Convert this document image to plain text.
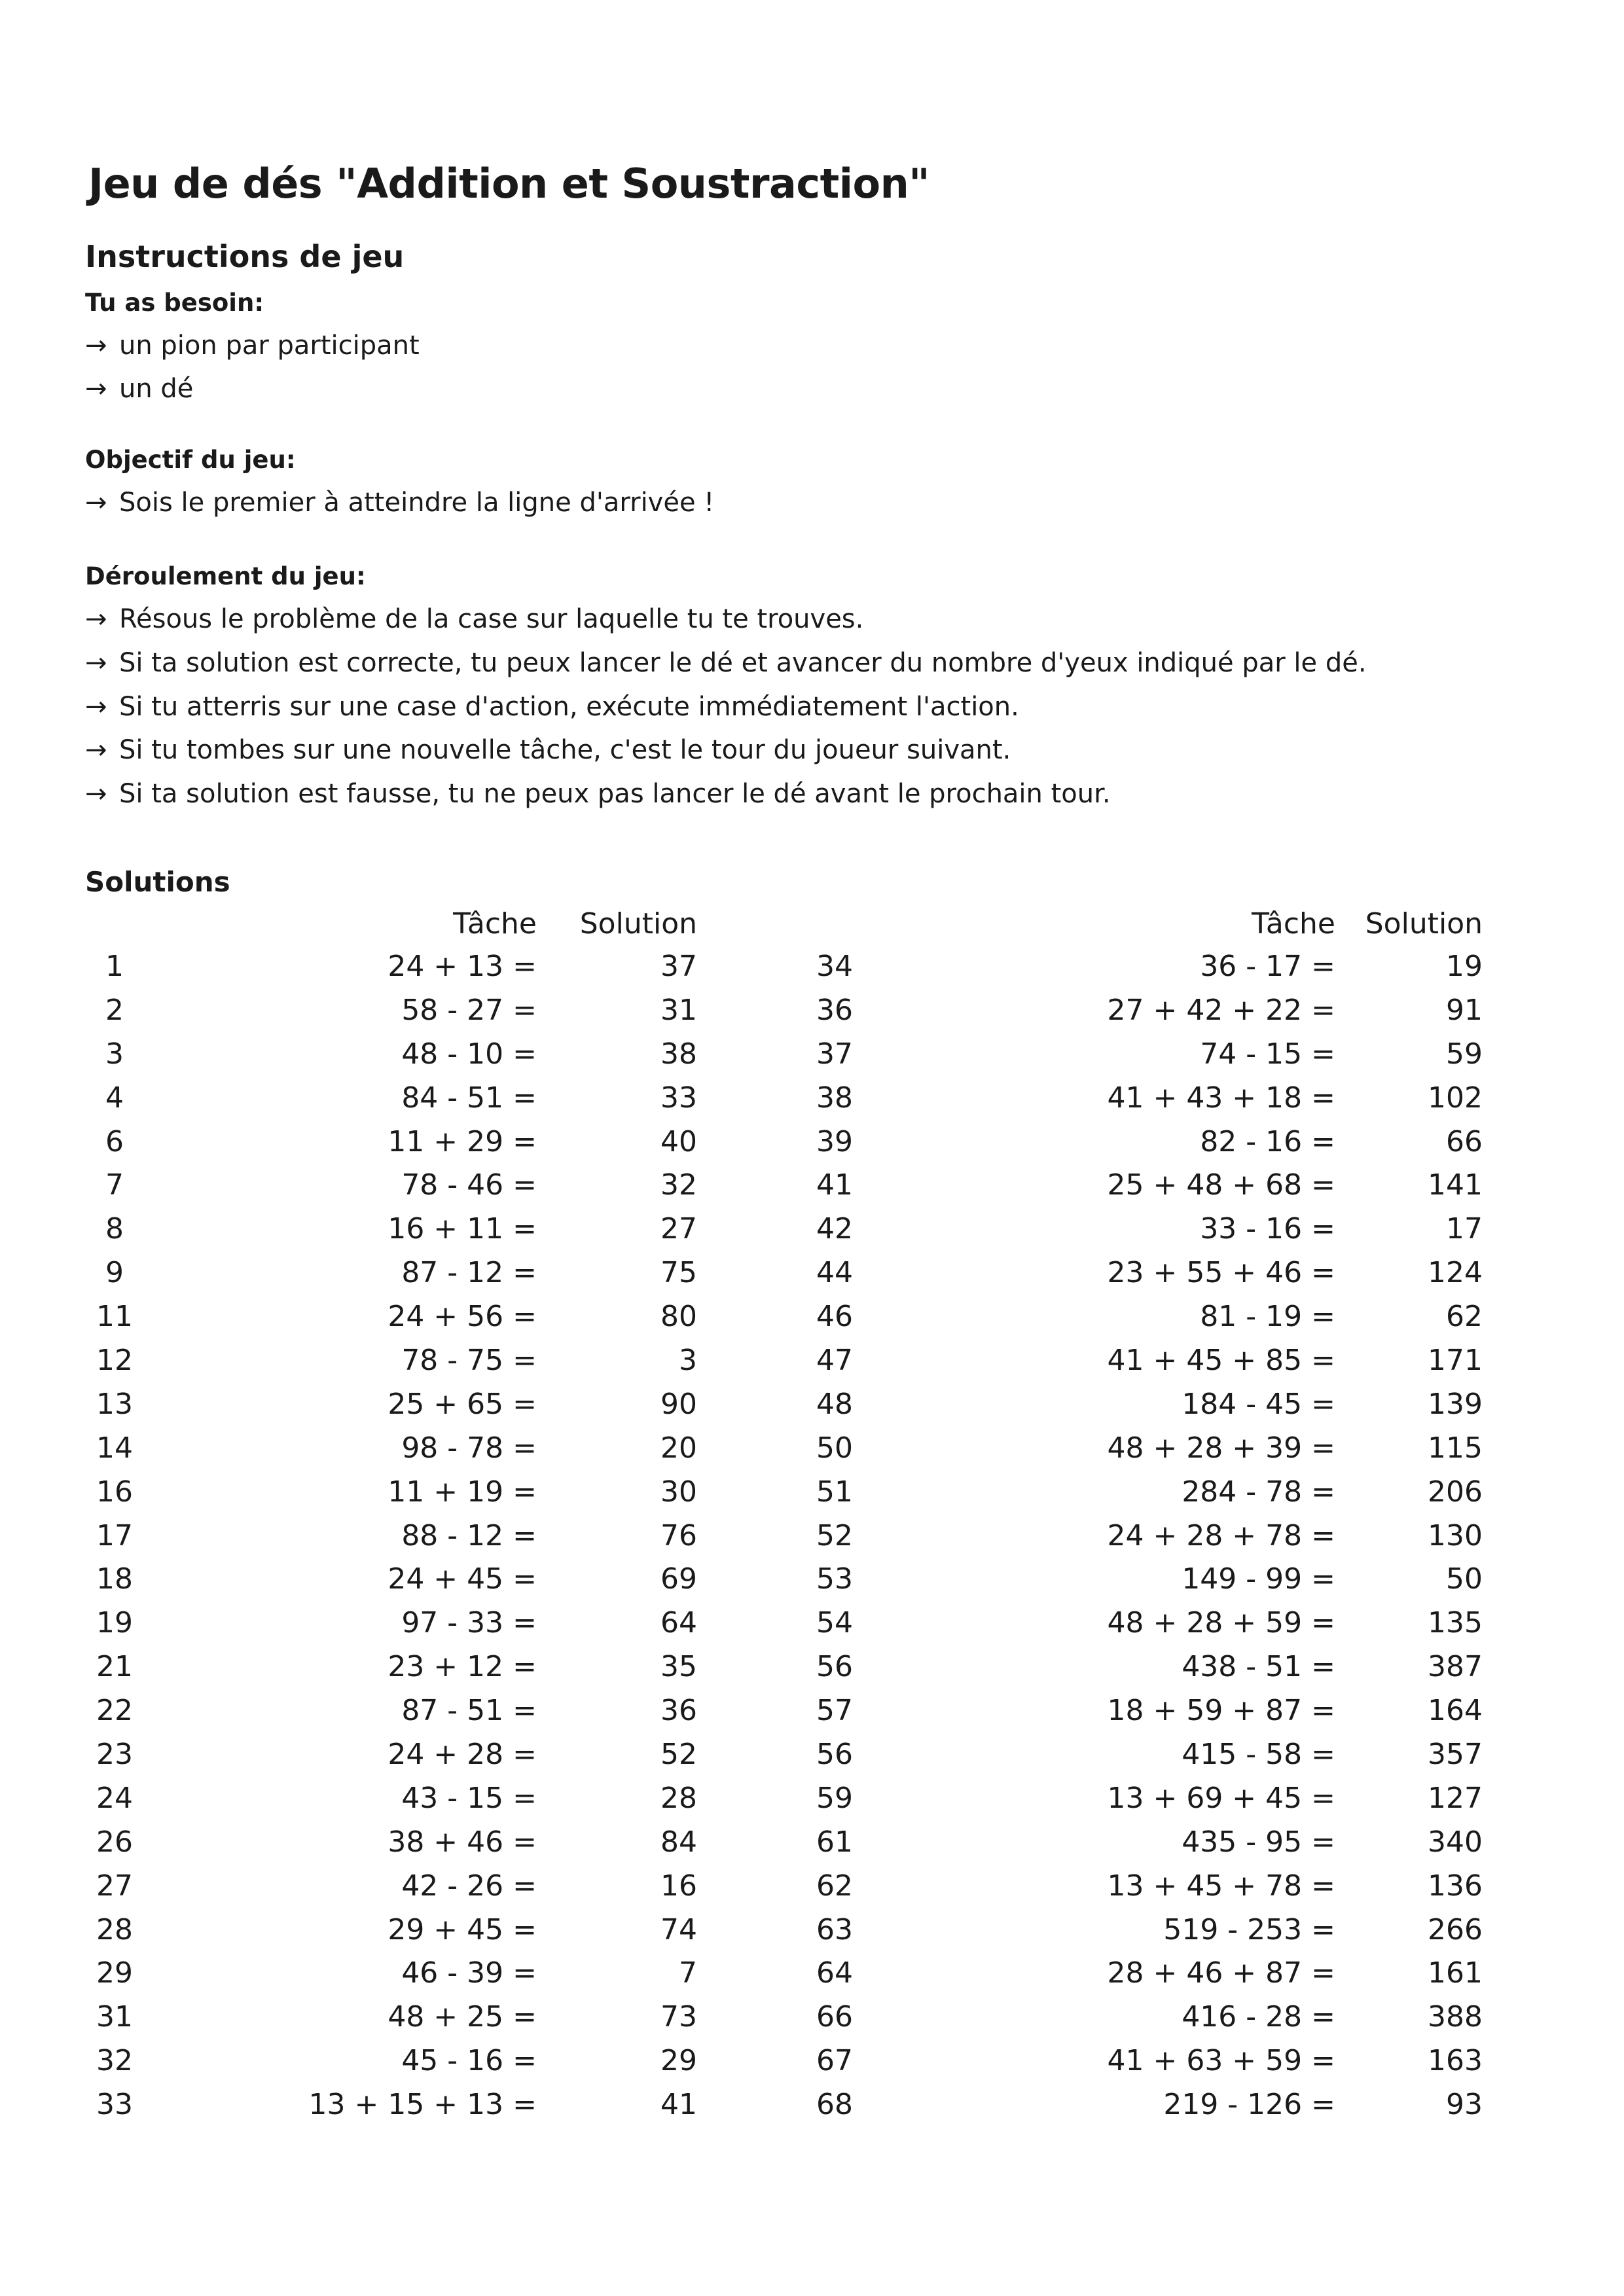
Jeu de dés "Addition et Soustraction"
Instructions de jeu
Tu as besoin:
→ un pion par participant
→ un dé
Objectif du jeu:
→ Sois le premier à atteindre la ligne d'arrivée !
Déroulement du jeu:
→ Résous le problème de la case sur laquelle tu te trouves.
→ Si ta solution est correcte, tu peux lancer le dé et avancer du nombre d'yeux indiqué par le dé.
→ Si tu atterris sur une case d'action, exécute immédiatement l'action.
→ Si tu tombes sur une nouvelle tâche, c'est le tour du joueur suivant.
→ Si ta solution est fausse, tu ne peux pas lancer le dé avant le prochain tour.
Solutions
Tâche Solution
1	24 + 13 =	37
2	58 - 27 =	31
3	48 - 10 =	38
4	84 - 51 =	33
6	11 + 29 =	40
7	78 - 46 =	32
8	16 + 11 =	27
9	87 - 12 =	75
11	24 + 56 =	80
12	78 - 75 =	3
13	25 + 65 =	90
14	98 - 78 =	20
16	11 + 19 =	30
17	88 - 12 =	76
18	24 + 45 =	69
19	97 - 33 =	64
21	23 + 12 =	35
22	87 - 51 =	36
23	24 + 28 =	52
24	43 - 15 =	28
26	38 + 46 =	84
27	42 - 26 =	16
28	29 + 45 =	74
29	46 - 39 =	7
31	48 + 25 =	73
32	45 - 16 =	29
33	13 + 15 + 13 =	41
Tâche Solution
34	36 - 17 =	19
36	27 + 42 + 22 =	91
37	74 - 15 =	59
38	41 + 43 + 18 =	102
39	82 - 16 =	66
41	25 + 48 + 68 =	141
42	33 - 16 =	17
44	23 + 55 + 46 =	124
46	81 - 19 =	62
47	41 + 45 + 85 =	171
48	184 - 45 =	139
50	48 + 28 + 39 =	115
51	284 - 78 =	206
52	24 + 28 + 78 =	130
53	149 - 99 =	50
54	48 + 28 + 59 =	135
56	438 - 51 =	387
57	18 + 59 + 87 =	164
56	415 - 58 =	357
59	13 + 69 + 45 =	127
61	435 - 95 =	340
62	13 + 45 + 78 =	136
63	519 - 253 =	266
64	28 + 46 + 87 =	161
66	416 - 28 =	388
67	41 + 63 + 59 =	163
68	219 - 126 =	93
